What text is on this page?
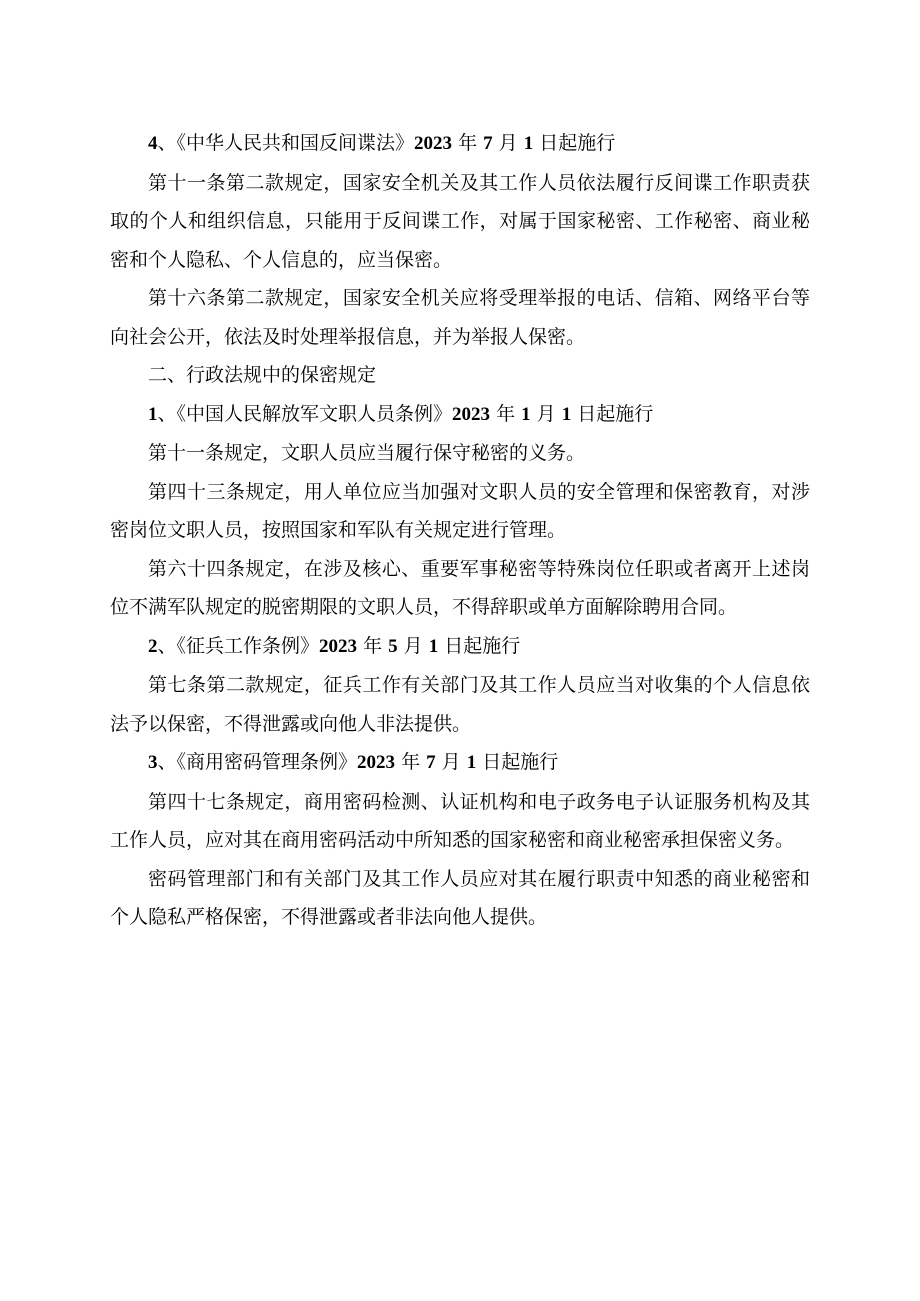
4、《中华人民共和国反间谍法》2023 年 7 月 1 日起施行

第十一条第二款规定，国家安全机关及其工作人员依法履行反间谍工作职责获取的个人和组织信息，只能用于反间谍工作，对属于国家秘密、工作秘密、商业秘密和个人隐私、个人信息的，应当保密。

第十六条第二款规定，国家安全机关应将受理举报的电话、信箱、网络平台等向社会公开，依法及时处理举报信息，并为举报人保密。

二、行政法规中的保密规定

1、《中国人民解放军文职人员条例》2023 年 1 月 1 日起施行

第十一条规定，文职人员应当履行保守秘密的义务。

第四十三条规定，用人单位应当加强对文职人员的安全管理和保密教育，对涉密岗位文职人员，按照国家和军队有关规定进行管理。

第六十四条规定，在涉及核心、重要军事秘密等特殊岗位任职或者离开上述岗位不满军队规定的脱密期限的文职人员，不得辞职或单方面解除聘用合同。

2、《征兵工作条例》2023 年 5 月 1 日起施行

第七条第二款规定，征兵工作有关部门及其工作人员应当对收集的个人信息依法予以保密，不得泄露或向他人非法提供。

3、《商用密码管理条例》2023 年 7 月 1 日起施行

第四十七条规定，商用密码检测、认证机构和电子政务电子认证服务机构及其工作人员，应对其在商用密码活动中所知悉的国家秘密和商业秘密承担保密义务。

密码管理部门和有关部门及其工作人员应对其在履行职责中知悉的商业秘密和个人隐私严格保密，不得泄露或者非法向他人提供。
